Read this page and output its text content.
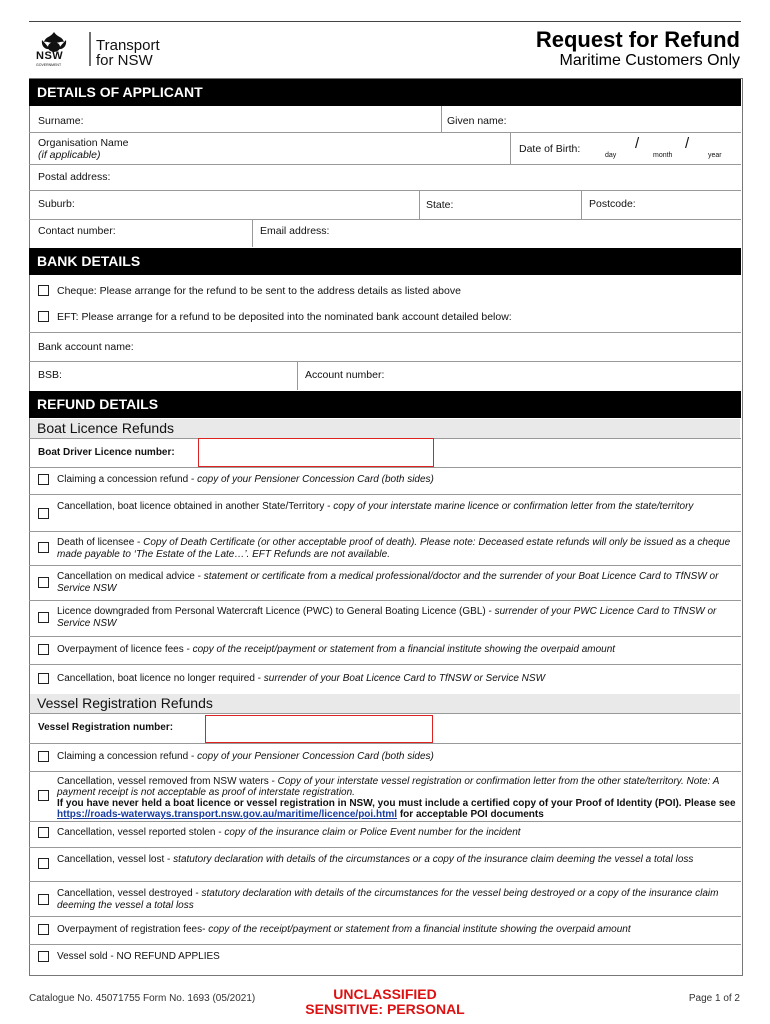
NSW
GOVERNMENT
Transport
for NSW
Request for Refund
Maritime Customers Only
DETAILS OF APPLICANT
Surname:	Given name:
Organisation Name
(if applicable)	Date of Birth:	/	/
day	month	year
Postal address:
Suburb:	State:	Postcode:
Contact number:	Email address:
BANK DETAILS
Cheque: Please arrange for the refund to be sent to the address details as listed above
EFT: Please arrange for a refund to be deposited into the nominated bank account detailed below:
Bank account name:
BSB:	Account number:
REFUND DETAILS
Boat Licence Refunds
Boat Driver Licence number:
Claiming a concession refund - copy of your Pensioner Concession Card (both sides)
Cancellation, boat licence obtained in another State/Territory - copy of your interstate marine licence or confirmation letter from the state/territory
Death of licensee - Copy of Death Certificate (or other acceptable proof of death). Please note: Deceased estate refunds will only be issued as a cheque made payable to ‘The Estate of the Late…’. EFT Refunds are not available.
Cancellation on medical advice - statement or certificate from a medical professional/doctor and the surrender of your Boat Licence Card to TfNSW or Service NSW
Licence downgraded from Personal Watercraft Licence (PWC) to General Boating Licence (GBL) - surrender of your PWC Licence Card to TfNSW or Service NSW
Overpayment of licence fees - copy of the receipt/payment or statement from a financial institute showing the overpaid amount
Cancellation, boat licence no longer required - surrender of your Boat Licence Card to TfNSW or Service NSW
Vessel Registration Refunds
Vessel Registration number:
Claiming a concession refund - copy of your Pensioner Concession Card (both sides)
Cancellation, vessel removed from NSW waters - Copy of your interstate vessel registration or confirmation letter from the other state/territory. Note: A payment receipt is not acceptable as proof of interstate registration.
If you have never held a boat licence or vessel registration in NSW, you must include a certified copy of your Proof of Identity (POI). Please see https://roads-waterways.transport.nsw.gov.au/maritime/licence/poi.html for acceptable POI documents
Cancellation, vessel reported stolen - copy of the insurance claim or Police Event number for the incident
Cancellation, vessel lost - statutory declaration with details of the circumstances or a copy of the insurance claim deeming the vessel a total loss
Cancellation, vessel destroyed - statutory declaration with details of the circumstances for the vessel being destroyed or a copy of the insurance claim deeming the vessel a total loss
Overpayment of registration fees- copy of the receipt/payment or statement from a financial institute showing the overpaid amount
Vessel sold - NO REFUND APPLIES
Catalogue No. 45071755 Form No. 1693 (05/2021)	UNCLASSIFIED
SENSITIVE: PERSONAL
Page 1 of 2
